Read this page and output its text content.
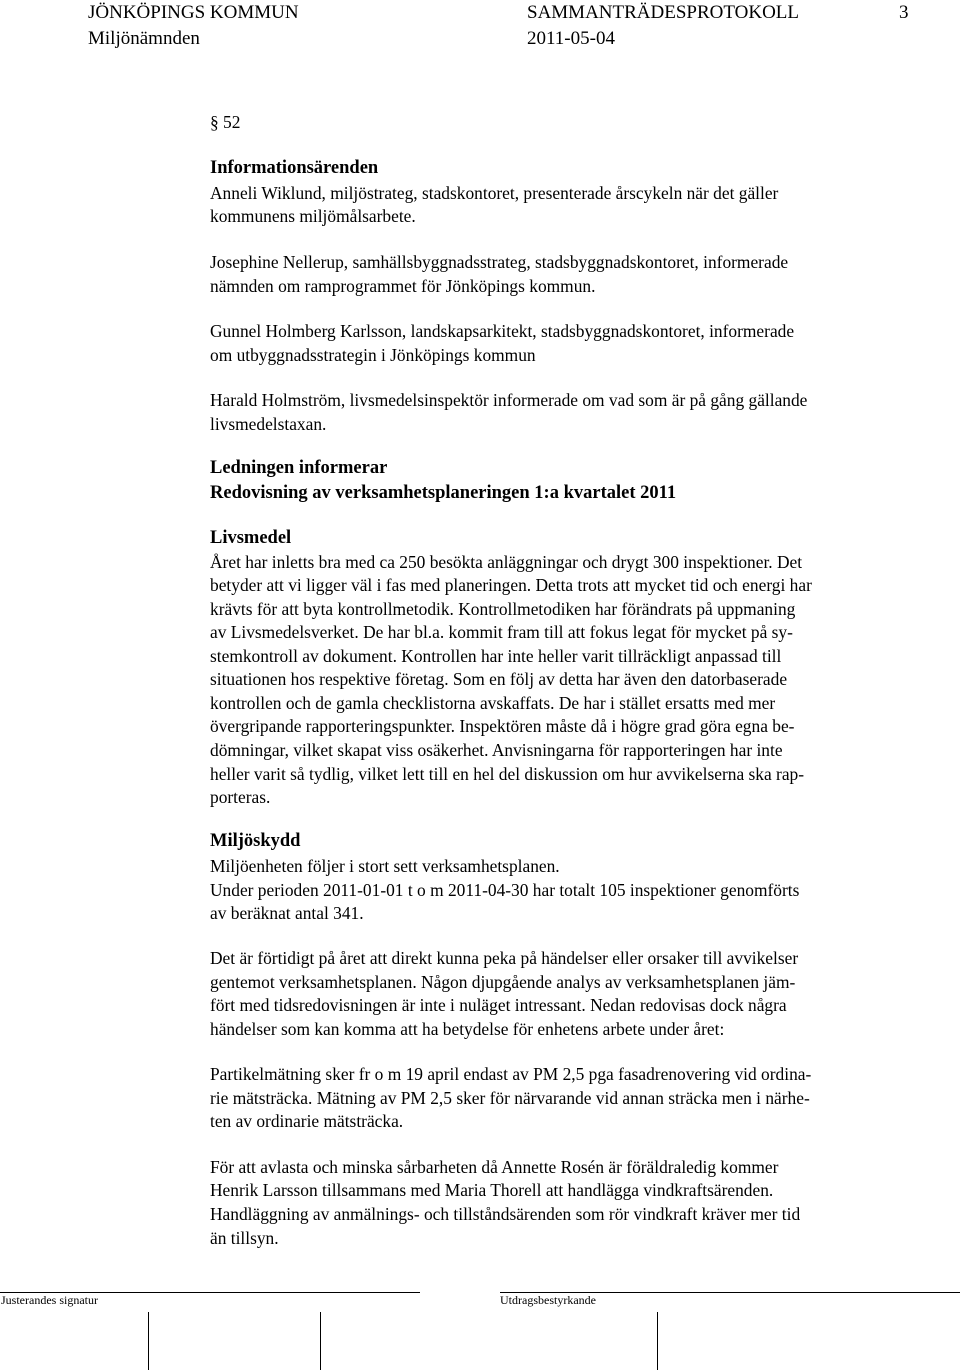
JÖNKÖPINGS KOMMUN	SAMMANTRÄDESPROTOKOLL	3
Miljönämnden	2011-05-04
§ 52
Informationsärenden
Anneli Wiklund, miljöstrateg, stadskontoret, presenterade årscykeln när det gäller
kommunens miljömålsarbete.
Josephine Nellerup, samhällsbyggnadsstrateg, stadsbyggnadskontoret, informerade
nämnden om ramprogrammet för Jönköpings kommun.
Gunnel Holmberg Karlsson, landskapsarkitekt, stadsbyggnadskontoret, informerade
om utbyggnadsstrategin i Jönköpings kommun
Harald Holmström, livsmedelsinspektör informerade om vad som är på gång gällande
livsmedelstaxan.
Ledningen informerar
Redovisning av verksamhetsplaneringen 1:a kvartalet 2011
Livsmedel
Året har inletts bra med ca 250 besökta anläggningar och drygt 300 inspektioner. Det
betyder att vi ligger väl i fas med planeringen. Detta trots att mycket tid och energi har
krävts för att byta kontrollmetodik. Kontrollmetodiken har förändrats på uppmaning
av Livsmedelsverket. De har bl.a. kommit fram till att fokus legat för mycket på sy-
stemkontroll av dokument. Kontrollen har inte heller varit tillräckligt anpassad till
situationen hos respektive företag. Som en följ av detta har även den datorbaserade
kontrollen och de gamla checklistorna avskaffats. De har i stället ersatts med mer
övergripande rapporteringspunkter. Inspektören måste då i högre grad göra egna be-
dömningar, vilket skapat viss osäkerhet. Anvisningarna för rapporteringen har inte
heller varit så tydlig, vilket lett till en hel del diskussion om hur avvikelserna ska rap-
porteras.
Miljöskydd
Miljöenheten följer i stort sett verksamhetsplanen.
Under perioden 2011-01-01 t o m 2011-04-30 har totalt 105 inspektioner genomförts
av beräknat antal 341.
Det är förtidigt på året att direkt kunna peka på händelser eller orsaker till avvikelser
gentemot verksamhetsplanen. Någon djupgående analys av verksamhetsplanen jäm-
fört med tidsredovisningen är inte i nuläget intressant. Nedan redovisas dock några
händelser som kan komma att ha betydelse för enhetens arbete under året:
Partikelmätning sker fr o m 19 april endast av PM 2,5 pga fasadrenovering vid ordina-
rie mätsträcka. Mätning av PM 2,5 sker för närvarande vid annan sträcka men i närhe-
ten av ordinarie mätsträcka.
För att avlasta och minska sårbarheten då Annette Rosén är föräldraledig kommer
Henrik Larsson tillsammans med Maria Thorell att handlägga vindkraftsärenden.
Handläggning av anmälnings- och tillståndsärenden som rör vindkraft kräver mer tid
än tillsyn.
Justerandes signatur	Utdragsbestyrkande
